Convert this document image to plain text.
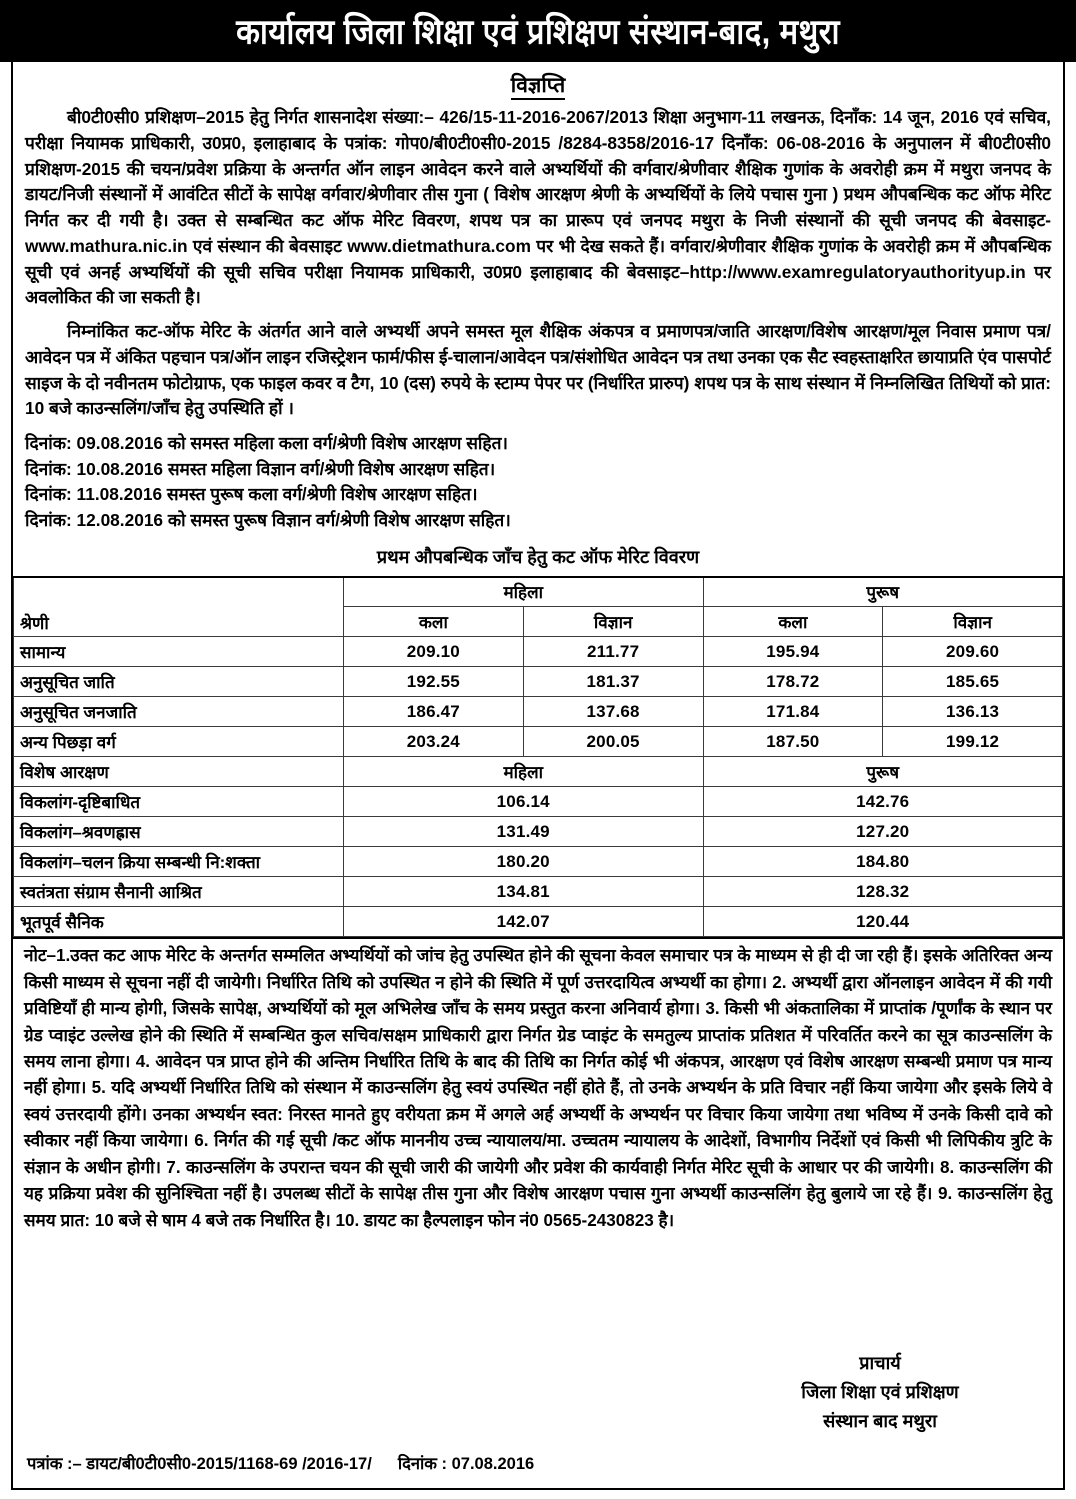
कार्यालय जिला शिक्षा एवं प्रशिक्षण संस्थान-बाद, मथुरा
विज्ञप्ति

बी0टी0सी0 प्रशिक्षण–2015 हेतु निर्गत शासनादेश संख्या:– 426/15-11-2016-2067/2013 शिक्षा अनुभाग-11 लखनऊ, दिनाँक: 14 जून, 2016 एवं सचिव, परीक्षा नियामक प्राधिकारी, उ0प्र0, इलाहाबाद के पत्रांक: गोप0/बी0टी0सी0-2015 /8284-8358/2016-17 दिनाँक: 06-08-2016 के अनुपालन में बी0टी0सी0 प्रशिक्षण-2015 की चयन/प्रवेश प्रक्रिया के अन्तर्गत ऑन लाइन आवेदन करने वाले अभ्यर्थियों की वर्गवार/श्रेणीवार शैक्षिक गुणांक के अवरोही क्रम में मथुरा जनपद के डायट/निजी संस्थानों में आवंटित सीटों के सापेक्ष वर्गवार/श्रेणीवार तीस गुना ( विशेष आरक्षण श्रेणी के अभ्यर्थियों के लिये पचास गुना ) प्रथम औपबन्धिक कट ऑफ मेरिट निर्गत कर दी गयी है। उक्त से सम्बन्धित कट ऑफ मेरिट विवरण, शपथ पत्र का प्रारूप एवं जनपद मथुरा के निजी संस्थानों की सूची जनपद की बेवसाइट- www.mathura.nic.in एवं संस्थान की बेवसाइट www.dietmathura.com पर भी देख सकते हैं। वर्गवार/श्रेणीवार शैक्षिक गुणांक के अवरोही क्रम में औपबन्धिक सूची एवं अनर्ह अभ्यर्थियों की सूची सचिव परीक्षा नियामक प्राधिकारी, उ0प्र0 इलाहाबाद की बेवसाइट–http://www.examregulatoryauthorityup.in पर अवलोकित की जा सकती है।

निम्नांकित कट-ऑफ मेरिट के अंतर्गत आने वाले अभ्यर्थी अपने समस्त मूल शैक्षिक अंकपत्र व प्रमाणपत्र/जाति आरक्षण/विशेष आरक्षण/मूल निवास प्रमाण पत्र/आवेदन पत्र में अंकित पहचान पत्र/ऑन लाइन रजिस्ट्रेशन फार्म/फीस ई-चालान/आवेदन पत्र/संशोधित आवेदन पत्र तथा उनका एक सैट स्वहस्ताक्षरित छायाप्रति एंव पासपोर्ट साइज के दो नवीनतम फोटोग्राफ, एक फाइल कवर व टैग, 10 (दस) रुपये के स्टाम्प पेपर पर (निर्धारित प्रारुप) शपथ पत्र के साथ संस्थान में निम्नलिखित तिथियों को प्रात: 10 बजे काउन्सलिंग/जाँच हेतु उपस्थिति हों ।

दिनांक: 09.08.2016 को समस्त महिला कला वर्ग/श्रेणी विशेष आरक्षण सहित।
दिनांक: 10.08.2016 समस्त महिला विज्ञान वर्ग/श्रेणी विशेष आरक्षण सहित।
दिनांक: 11.08.2016 समस्त पुरूष कला वर्ग/श्रेणी विशेष आरक्षण सहित।
दिनांक: 12.08.2016 को समस्त पुरूष विज्ञान वर्ग/श्रेणी विशेष आरक्षण सहित।
प्रथम औपबन्धिक जाँच हेतु कट ऑफ मेरिट विवरण
श्रेणी	महिला		पुरूष	
	कला	विज्ञान	कला	विज्ञान
सामान्य	209.10	211.77	195.94	209.60
अनुसूचित जाति	192.55	181.37	178.72	185.65
अनुसूचित जनजाति	186.47	137.68	171.84	136.13
अन्य पिछड़ा वर्ग	203.24	200.05	187.50	199.12
विशेष आरक्षण	महिला		पुरूष	
विकलांग-दृष्टिबाधित	106.14		142.76	
विकलांग–श्रवणह्रास	131.49		127.20	
विकलांग–चलन क्रिया सम्बन्धी नि:शक्ता	180.20		184.80	
स्वतंत्रता संग्राम सैनानी आश्रित	134.81		128.32	
भूतपूर्व सैनिक	142.07		120.44	

नोट–1.उक्त कट आफ मेरिट के अन्तर्गत सम्मलित अभ्यर्थियों को जांच हेतु उपस्थित होने की सूचना केवल समाचार पत्र के माध्यम से ही दी जा रही हैं। इसके अतिरिक्त अन्य किसी माध्यम से सूचना नहीं दी जायेगी। निर्धारित तिथि को उपस्थित न होने की स्थिति में पूर्ण उत्तरदायित्व अभ्यर्थी का होगा। 2. अभ्यर्थी द्वारा ऑनलाइन आवेदन में की गयी प्रविष्टियाँ ही मान्य होगी, जिसके सापेक्ष, अभ्यर्थियों को मूल अभिलेख जाँच के समय प्रस्तुत करना अनिवार्य होगा। 3. किसी भी अंकतालिका में प्राप्तांक /पूर्णांक के स्थान पर ग्रेड प्वाइंट उल्लेख होने की स्थिति में सम्बन्धित कुल सचिव/सक्षम प्राधिकारी द्वारा निर्गत ग्रेड प्वाइंट के समतुल्य प्राप्तांक प्रतिशत में परिवर्तित करने का सूत्र काउन्सलिंग के समय लाना होगा। 4. आवेदन पत्र प्राप्त होने की अन्तिम निर्धारित तिथि के बाद की तिथि का निर्गत कोई भी अंकपत्र, आरक्षण एवं विशेष आरक्षण सम्बन्धी प्रमाण पत्र मान्य नहीं होगा। 5. यदि अभ्यर्थी निर्धारित तिथि को संस्थान में काउन्सलिंग हेतु स्वयं उपस्थित नहीं होते हैं, तो उनके अभ्यर्थन के प्रति विचार नहीं किया जायेगा और इसके लिये वे स्वयं उत्तरदायी होंगे। उनका अभ्यर्थन स्वत: निरस्त मानते हुए वरीयता क्रम में अगले अर्ह अभ्यर्थी के अभ्यर्थन पर विचार किया जायेगा तथा भविष्य में उनके किसी दावे को स्वीकार नहीं किया जायेगा। 6. निर्गत की गई सूची /कट ऑफ माननीय उच्च न्यायालय/मा. उच्चतम न्यायालय के आदेशों, विभागीय निर्देशों एवं किसी भी लिपिकीय त्रुटि के संज्ञान के अधीन होगी। 7. काउन्सलिंग के उपरान्त चयन की सूची जारी की जायेगी और प्रवेश की कार्यवाही निर्गत मेरिट सूची के आधार पर की जायेगी। 8. काउन्सलिंग की यह प्रक्रिया प्रवेश की सुनिश्चिता नहीं है। उपलब्ध सीटों के सापेक्ष तीस गुना और विशेष आरक्षण पचास गुना अभ्यर्थी काउन्सलिंग हेतु बुलाये जा रहे हैं। 9. काउन्सलिंग हेतु समय प्रात: 10 बजे से षाम 4 बजे तक निर्धारित है। 10. डायट का हैल्पलाइन फोन नं0 0565-2430823 है।

प्राचार्य
जिला शिक्षा एवं प्रशिक्षण
संस्थान बाद मथुरा
पत्रांक :– डायट/बी0टी0सी0-2015/1168-69 /2016-17/ दिनांक : 07.08.2016
